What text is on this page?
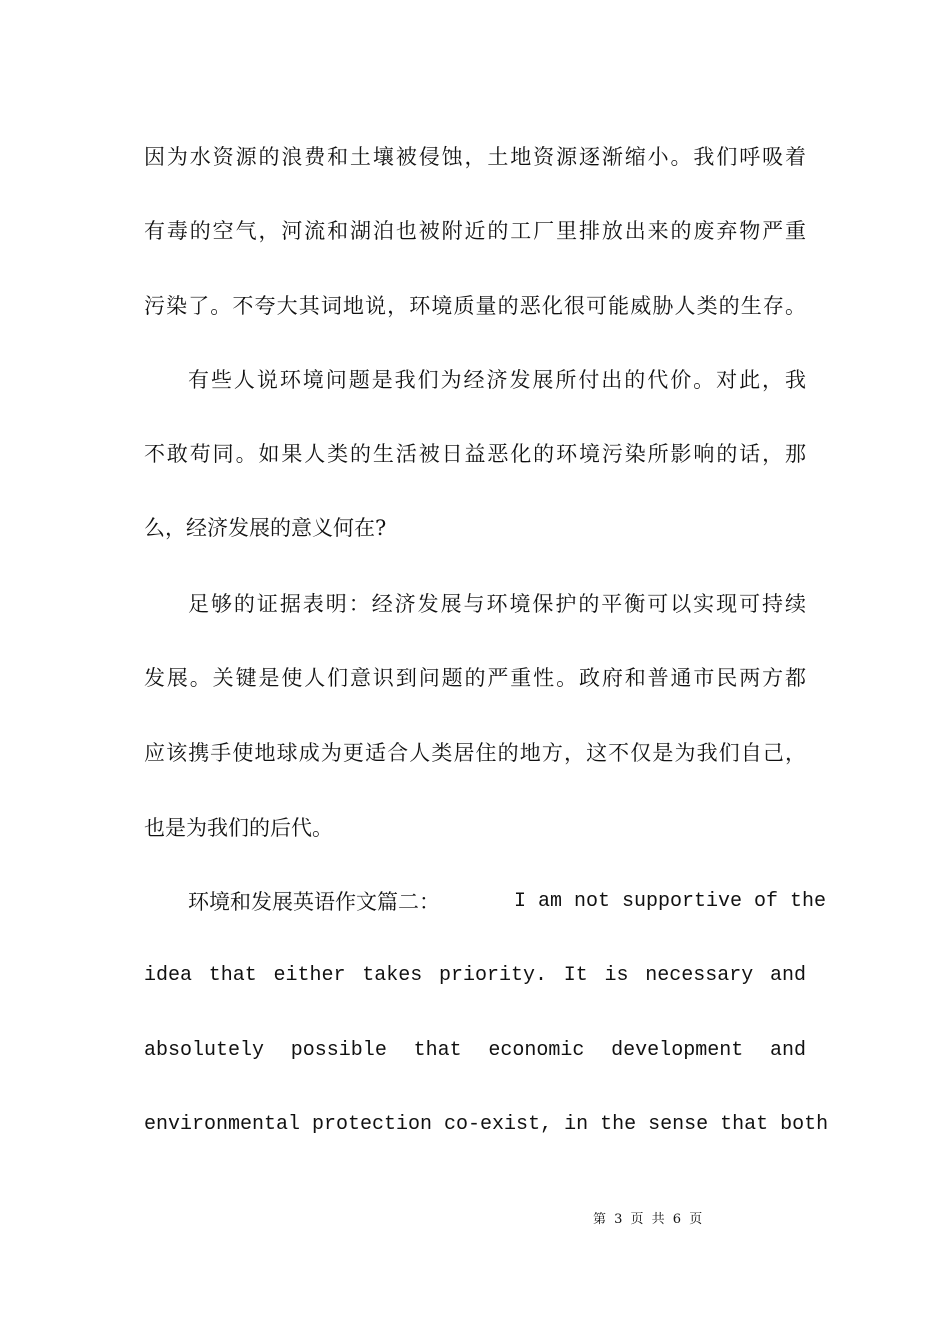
因为水资源的浪费和土壤被侵蚀，土地资源逐渐缩小。我们呼吸着
有毒的空气，河流和湖泊也被附近的工厂里排放出来的废弃物严重
污染了。不夸大其词地说，环境质量的恶化很可能威胁人类的生存。
有些人说环境问题是我们为经济发展所付出的代价。对此，我
不敢苟同。如果人类的生活被日益恶化的环境污染所影响的话，那
么，经济发展的意义何在?
足够的证据表明：经济发展与环境保护的平衡可以实现可持续
发展。关键是使人们意识到问题的严重性。政府和普通市民两方都
应该携手使地球成为更适合人类居住的地方，这不仅是为我们自己，
也是为我们的后代。
环境和发展英语作文篇二：	I am not supportive of the
idea that either takes priority. It is necessary and
absolutely possible that economic development and
environmental protection co-exist, in the sense that both
第 3 页 共 6 页
